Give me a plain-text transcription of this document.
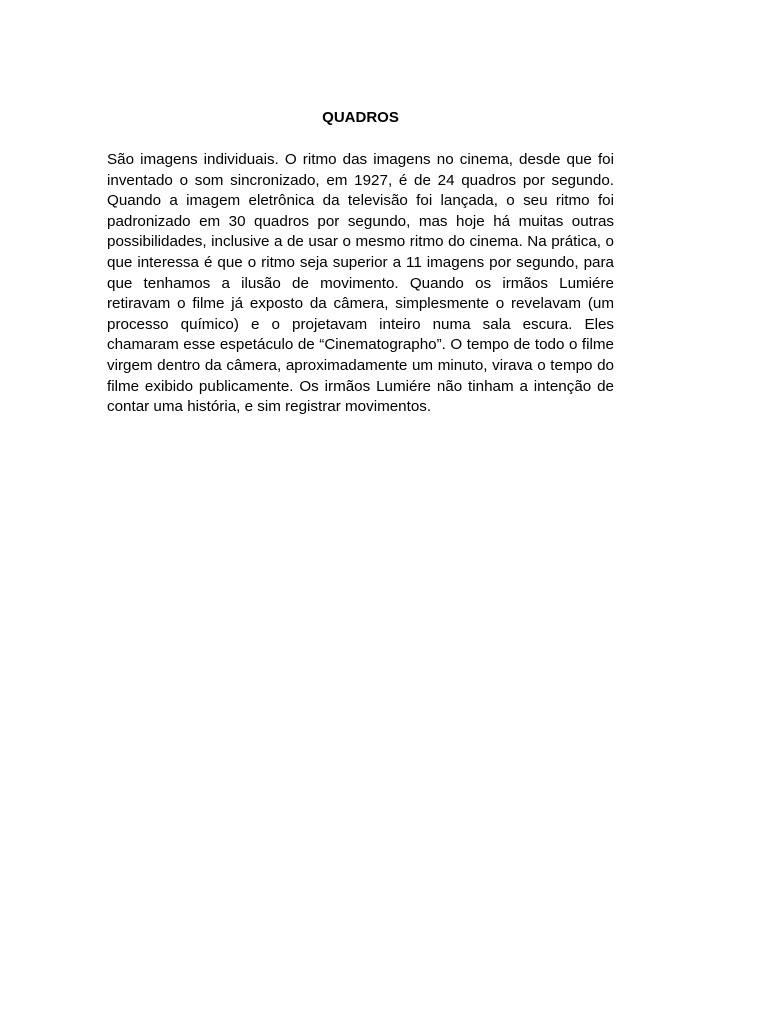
QUADROS

São imagens individuais. O ritmo das imagens no cinema, desde que foi inventado o som sincronizado, em 1927, é de 24 quadros por segundo. Quando a imagem eletrônica da televisão foi lançada, o seu ritmo foi padronizado em 30 quadros por segundo, mas hoje há muitas outras possibilidades, inclusive a de usar o mesmo ritmo do cinema. Na prática, o que interessa é que o ritmo seja superior a 11 imagens por segundo, para que tenhamos a ilusão de movimento. Quando os irmãos Lumiére retiravam o filme já exposto da câmera, simplesmente o revelavam (um processo químico) e o projetavam inteiro numa sala escura. Eles chamaram esse espetáculo de “Cinematographo”. O tempo de todo o filme virgem dentro da câmera, aproximadamente um minuto, virava o tempo do filme exibido publicamente. Os irmãos Lumiére não tinham a intenção de contar uma história, e sim registrar movimentos.
